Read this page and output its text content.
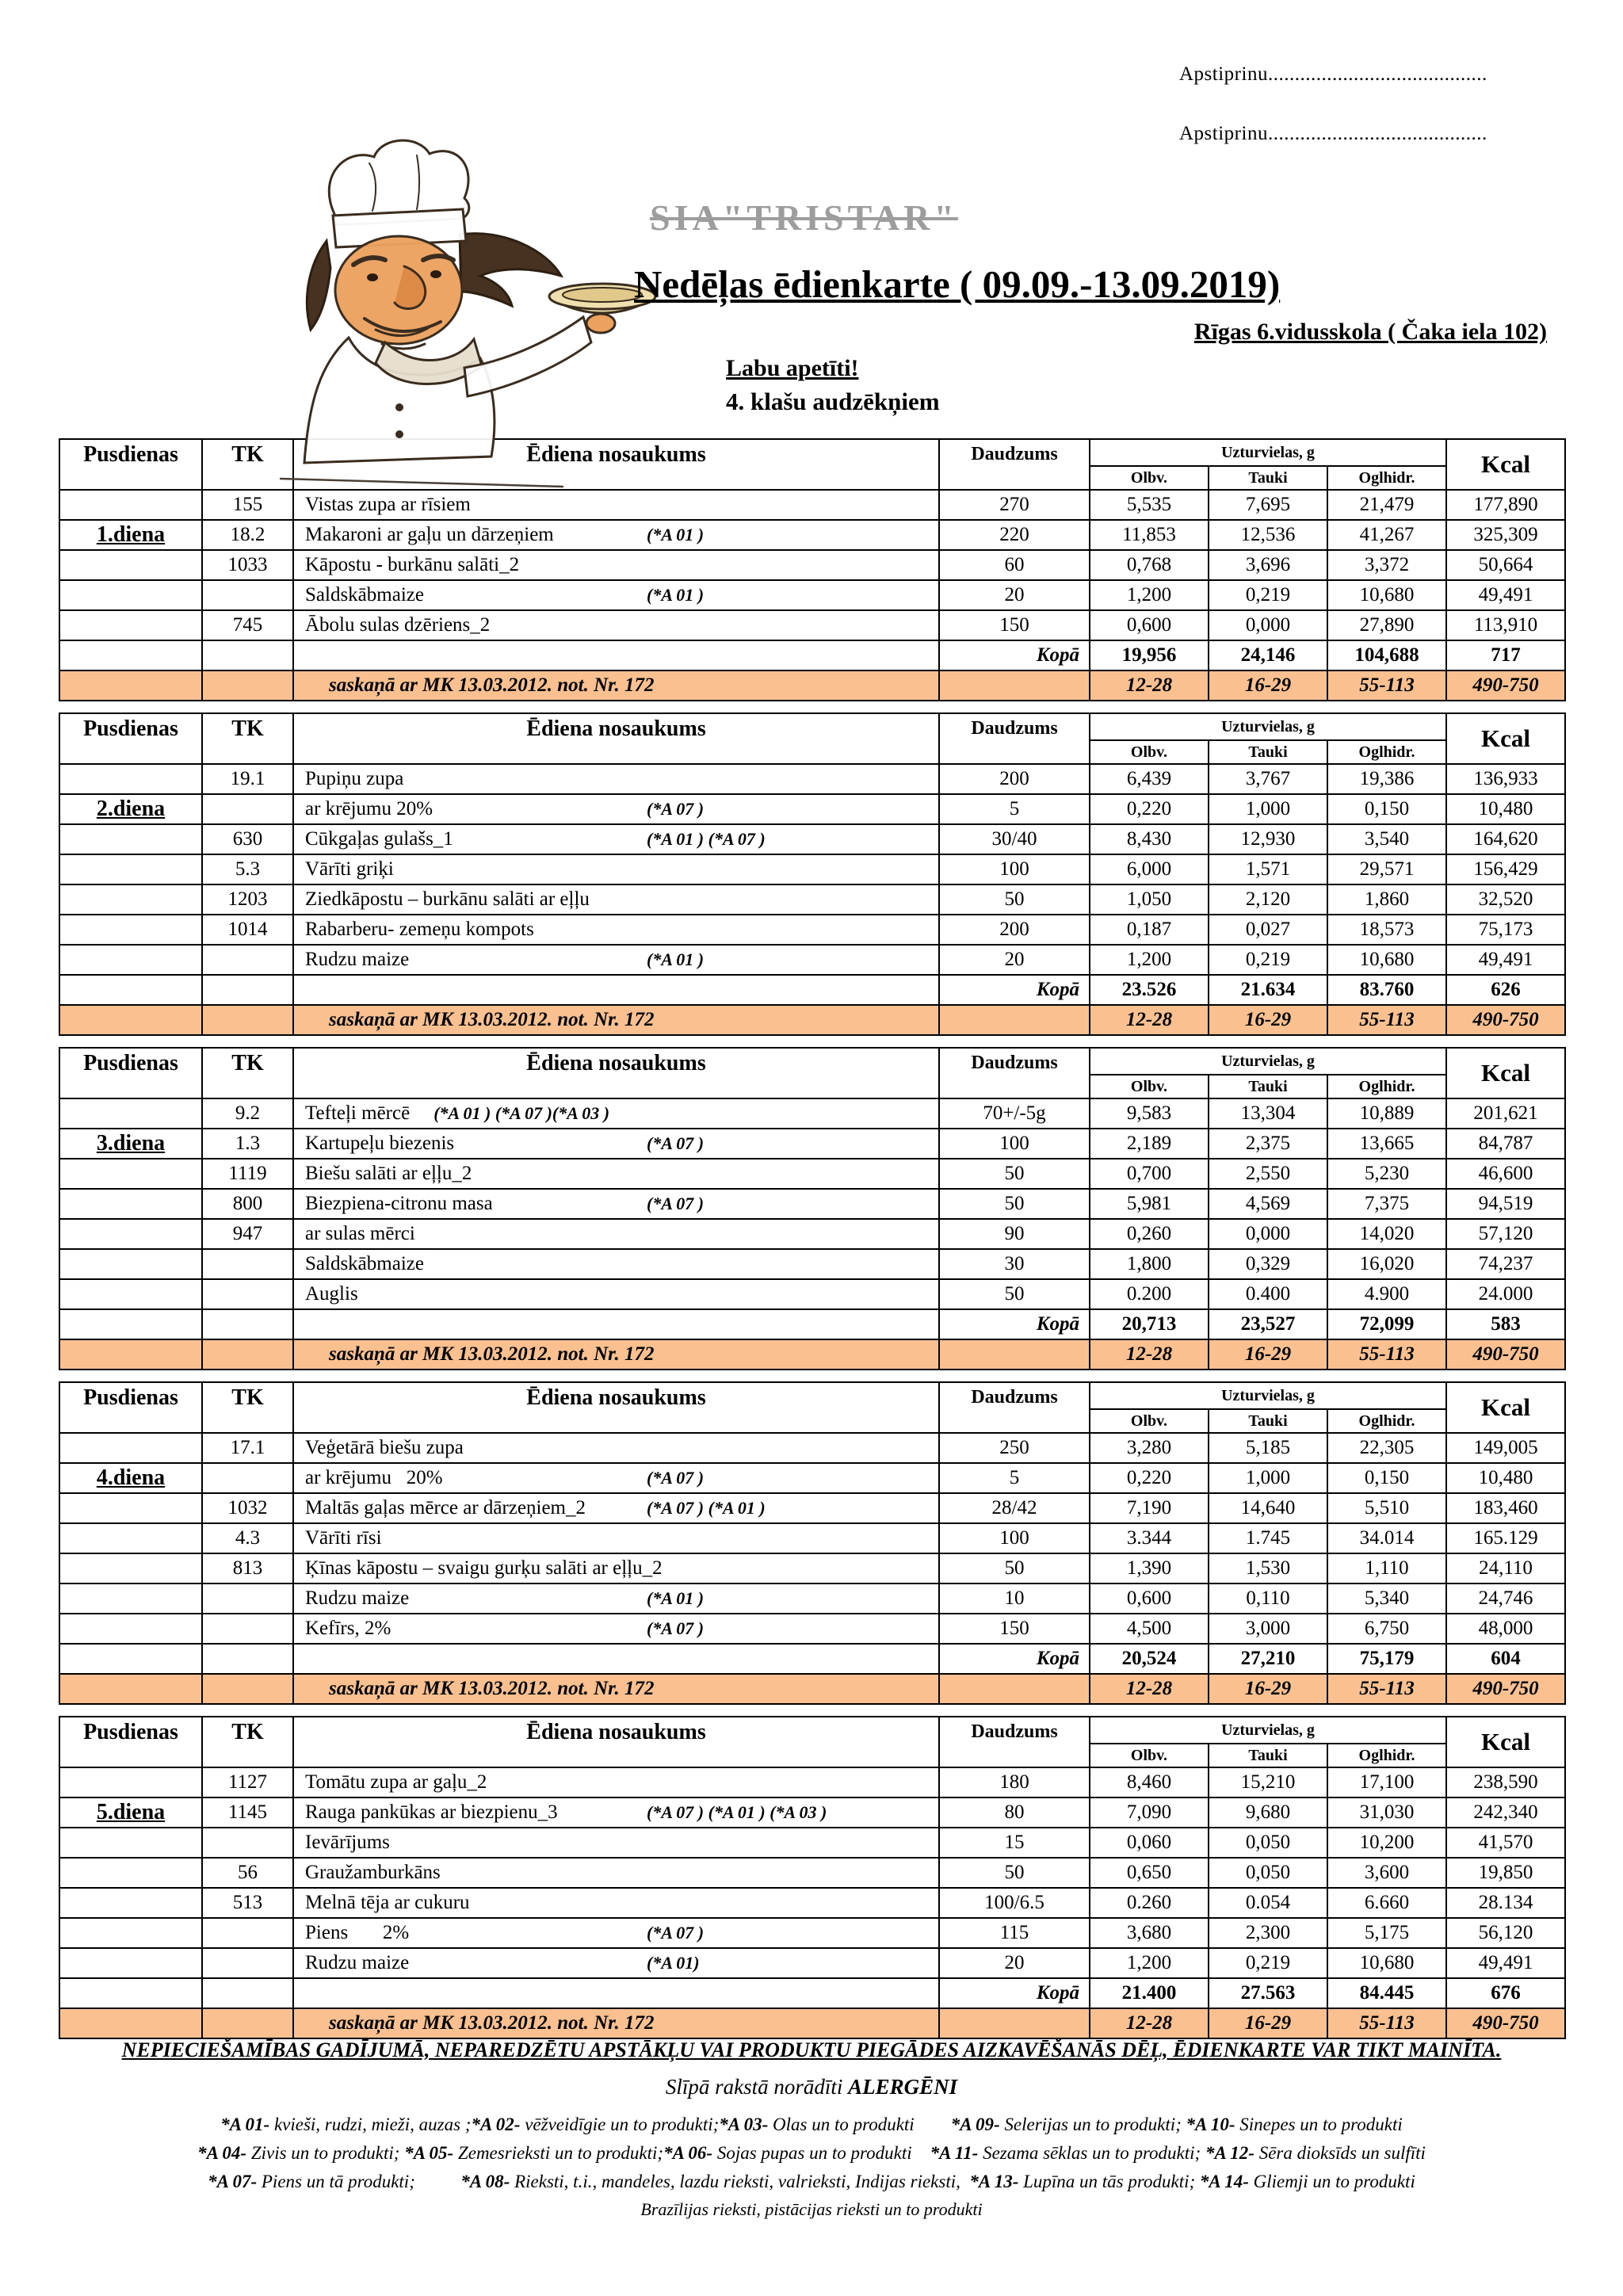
Apstiprinu.........................................
Apstiprinu.........................................
SIA"TRISTAR"
Nedēļas ēdienkarte ( 09.09.-13.09.2019)
Rīgas 6.vidusskola ( Čaka iela 102)
Labu apetīti!
4. klašu audzēkņiem
Pusdienas	TK	Ēdiena nosaukums	Daudzums	Uzturvielas, g			Kcal
				Olbv.	Tauki	Oglhidr.	
	155	Vistas zupa ar rīsiem	270	5,535	7,695	21,479	177,890

1.diena	18.2	Makaroni ar gaļu un dārzeņiem (*A 01 )	220	11,853	12,536	41,267	325,309
	1033	Kāpostu - burkānu salāti_2	60	0,768	3,696	3,372	50,664
		Saldskābmaize (*A 01 )	20	1,200	0,219	10,680	49,491
	745	Ābolu sulas dzēriens_2	150	0,600	0,000	27,890	113,910
			Kopā	19,956	24,146	104,688	717
		saskaņā ar MK 13.03.2012. not. Nr. 172		12-28	16-29	55-113	490-750
Pusdienas	TK	Ēdiena nosaukums	Daudzums	Uzturvielas, g			Kcal
				Olbv.	Tauki	Oglhidr.	
	19.1	Pupiņu zupa	200	6,439	3,767	19,386	136,933

2.diena		ar krējumu 20% (*A 07 )	5	0,220	1,000	0,150	10,480
	630	Cūkgaļas gulašs_1 (*A 01 ) (*A 07 )	30/40	8,430	12,930	3,540	164,620
	5.3	Vārīti griķi	100	6,000	1,571	29,571	156,429
	1203	Ziedkāpostu – burkānu salāti ar eļļu	50	1,050	2,120	1,860	32,520
	1014	Rabarberu- zemeņu kompots	200	0,187	0,027	18,573	75,173
		Rudzu maize (*A 01 )	20	1,200	0,219	10,680	49,491
			Kopā	23.526	21.634	83.760	626
		saskaņā ar MK 13.03.2012. not. Nr. 172		12-28	16-29	55-113	490-750
Pusdienas	TK	Ēdiena nosaukums	Daudzums	Uzturvielas, g			Kcal
				Olbv.	Tauki	Oglhidr.	
	9.2	Tefteļi mērcē (*A 01 ) (*A 07 )(*A 03 )	70+/-5g	9,583	13,304	10,889	201,621

3.diena	1.3	Kartupeļu biezenis (*A 07 )	100	2,189	2,375	13,665	84,787
	1119	Biešu salāti ar eļļu_2	50	0,700	2,550	5,230	46,600
	800	Biezpiena-citronu masa (*A 07 )	50	5,981	4,569	7,375	94,519
	947	ar sulas mērci	90	0,260	0,000	14,020	57,120
		Saldskābmaize	30	1,800	0,329	16,020	74,237
		Auglis	50	0.200	0.400	4.900	24.000
			Kopā	20,713	23,527	72,099	583
		saskaņā ar MK 13.03.2012. not. Nr. 172		12-28	16-29	55-113	490-750
Pusdienas	TK	Ēdiena nosaukums	Daudzums	Uzturvielas, g			Kcal
				Olbv.	Tauki	Oglhidr.	
	17.1	Veģetārā biešu zupa	250	3,280	5,185	22,305	149,005

4.diena		ar krējumu   20% (*A 07 )	5	0,220	1,000	0,150	10,480
	1032	Maltās gaļas mērce ar dārzeņiem_2 (*A 07 ) (*A 01 )	28/42	7,190	14,640	5,510	183,460
	4.3	Vārīti rīsi	100	3.344	1.745	34.014	165.129
	813	Ķīnas kāpostu – svaigu gurķu salāti ar eļļu_2	50	1,390	1,530	1,110	24,110
		Rudzu maize (*A 01 )	10	0,600	0,110	5,340	24,746
		Kefīrs, 2% (*A 07 )	150	4,500	3,000	6,750	48,000
			Kopā	20,524	27,210	75,179	604
		saskaņā ar MK 13.03.2012. not. Nr. 172		12-28	16-29	55-113	490-750
Pusdienas	TK	Ēdiena nosaukums	Daudzums	Uzturvielas, g			Kcal
				Olbv.	Tauki	Oglhidr.	
	1127	Tomātu zupa ar gaļu_2	180	8,460	15,210	17,100	238,590

5.diena	1145	Rauga pankūkas ar biezpienu_3 (*A 07 ) (*A 01 ) (*A 03 )	80	7,090	9,680	31,030	242,340
		Ievārījums	15	0,060	0,050	10,200	41,570
	56	Graužamburkāns	50	0,650	0,050	3,600	19,850
	513	Melnā tēja ar cukuru	100/6.5	0.260	0.054	6.660	28.134
		Piens       2% (*A 07 )	115	3,680	2,300	5,175	56,120
		Rudzu maize (*A 01)	20	1,200	0,219	10,680	49,491
			Kopā	21.400	27.563	84.445	676
		saskaņā ar MK 13.03.2012. not. Nr. 172		12-28	16-29	55-113	490-750
NEPIECIEŠAMĪBAS GADĪJUMĀ, NEPAREDZĒTU APSTĀKĻU VAI PRODUKTU PIEGĀDES AIZKAVĒŠANĀS DĒĻ, ĒDIENKARTE VAR TIKT MAINĪTA.
Slīpā rakstā norādīti ALERGĒNI
*A 01- kvieši, rudzi, mieži, auzas ;*A 02- vēžveidīgie un to produkti;*A 03- Olas un to produkti        *A 09- Selerijas un to produkti; *A 10- Sinepes un to produkti
*A 04- Zivis un to produkti; *A 05- Zemesrieksti un to produkti;*A 06- Sojas pupas un to produkti    *A 11- Sezama sēklas un to produkti; *A 12- Sēra dioksīds un sulfīti
*A 07- Piens un tā produkti;          *A 08- Rieksti, t.i., mandeles, lazdu rieksti, valrieksti, Indijas rieksti,  *A 13- Lupīna un tās produkti; *A 14- Gliemji un to produkti
Brazīlijas rieksti, pistācijas rieksti un to produkti
